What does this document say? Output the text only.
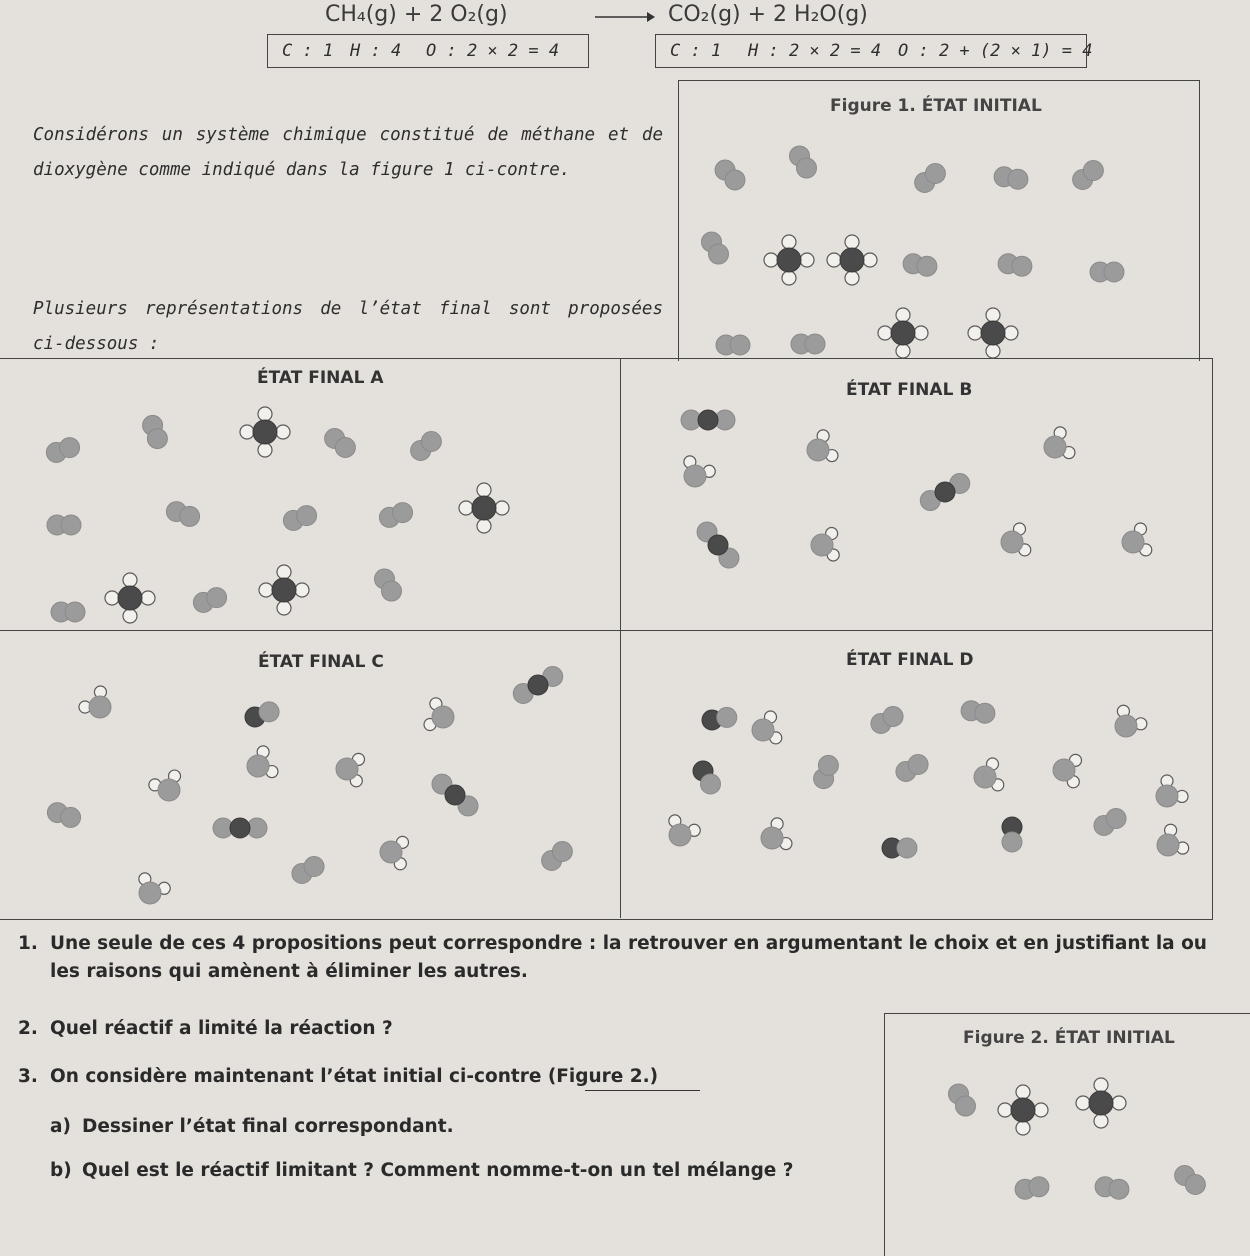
CH₄(g) + 2 O₂(g)	→ CO₂(g) + 2 H₂O(g)
C : 1 H : 4	O : 2 × 2 = 4	C : 1	H : 2 × 2 = 4 O : 2 + (2 × 1) = 4
Considérons un système chimique constitué de méthane et de dioxygène comme indiqué dans la figure 1 ci-contre.
Plusieurs représentations de l’état final sont proposées ci-dessous :
Figure 1. ÉTAT INITIAL
ÉTAT FINAL A
ÉTAT FINAL B
ÉTAT FINAL C	ÉTAT FINAL D
1. Une seule de ces 4 propositions peut correspondre : la retrouver en argumentant le choix et en justifiant la ou les raisons qui amènent à éliminer les autres.
2. Quel réactif a limité la réaction ?
3. On considère maintenant l’état initial ci-contre (Figure 2.)
a) Dessiner l’état final correspondant.
b) Quel est le réactif limitant ? Comment nomme-t-on un tel mélange ?
Figure 2. ÉTAT INITIAL
